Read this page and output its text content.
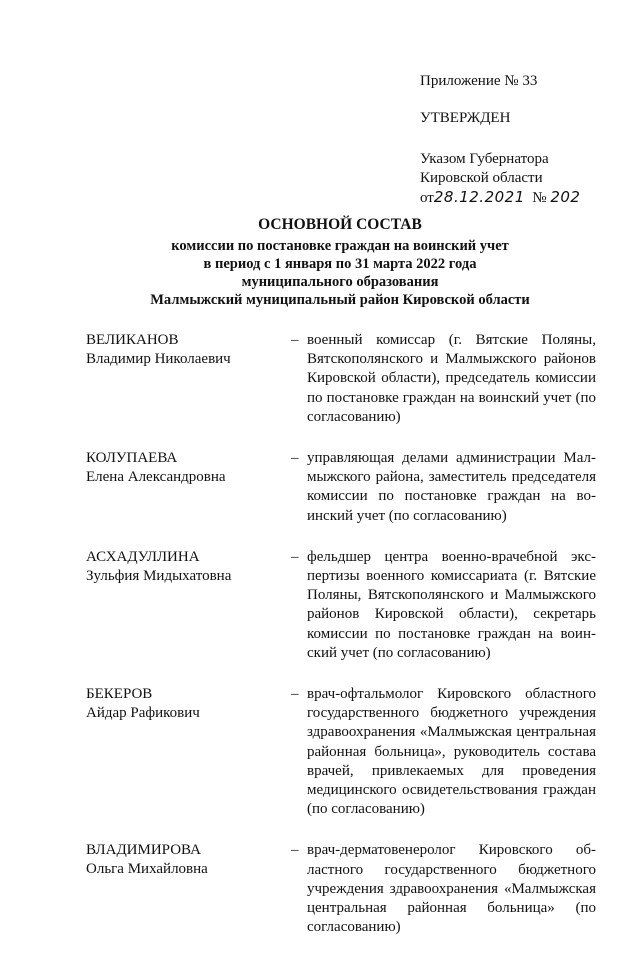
Приложение № 33
УТВЕРЖДЕН
Указом Губернатора
Кировской области
от28.12.2021 № 202
ОСНОВНОЙ СОСТАВ
комиссии по постановке граждан на воинский учет
в период с 1 января по 31 марта 2022 года
муниципального образования
Малмыжский муниципальный район Кировской области
ВЕЛИКАНОВ
Владимир Николаевич
– военный комиссар (г. Вятские Поляны, Вятскополянского и Малмыжского районов Кировской области), председатель комиссии по постановке граждан на воинский учет (по согласованию)
КОЛУПАЕВА
Елена Александровна
– управляющая делами администрации Малмыжского района, заместитель председателя комиссии по постановке граждан на воинский учет (по согласованию)
АСХАДУЛЛИНА
Зульфия Мидыхатовна
– фельдшер центра военно-врачебной экспертизы военного комиссариата (г. Вятские Поляны, Вятскополянского и Малмыжского районов Кировской области), секретарь комиссии по постановке граждан на воинский учет (по согласованию)
БЕКЕРОВ
Айдар Рафикович
– врач-офтальмолог Кировского областного государственного бюджетного учреждения здравоохранения «Малмыжская центральная районная больница», руководитель состава врачей, привлекаемых для проведения медицинского освидетельствования граждан (по согласованию)
ВЛАДИМИРОВА
Ольга Михайловна
– врач-дерматовенеролог Кировского областного государственного бюджетного учреждения здравоохранения «Малмыжская центральная районная больница» (по согласованию)
